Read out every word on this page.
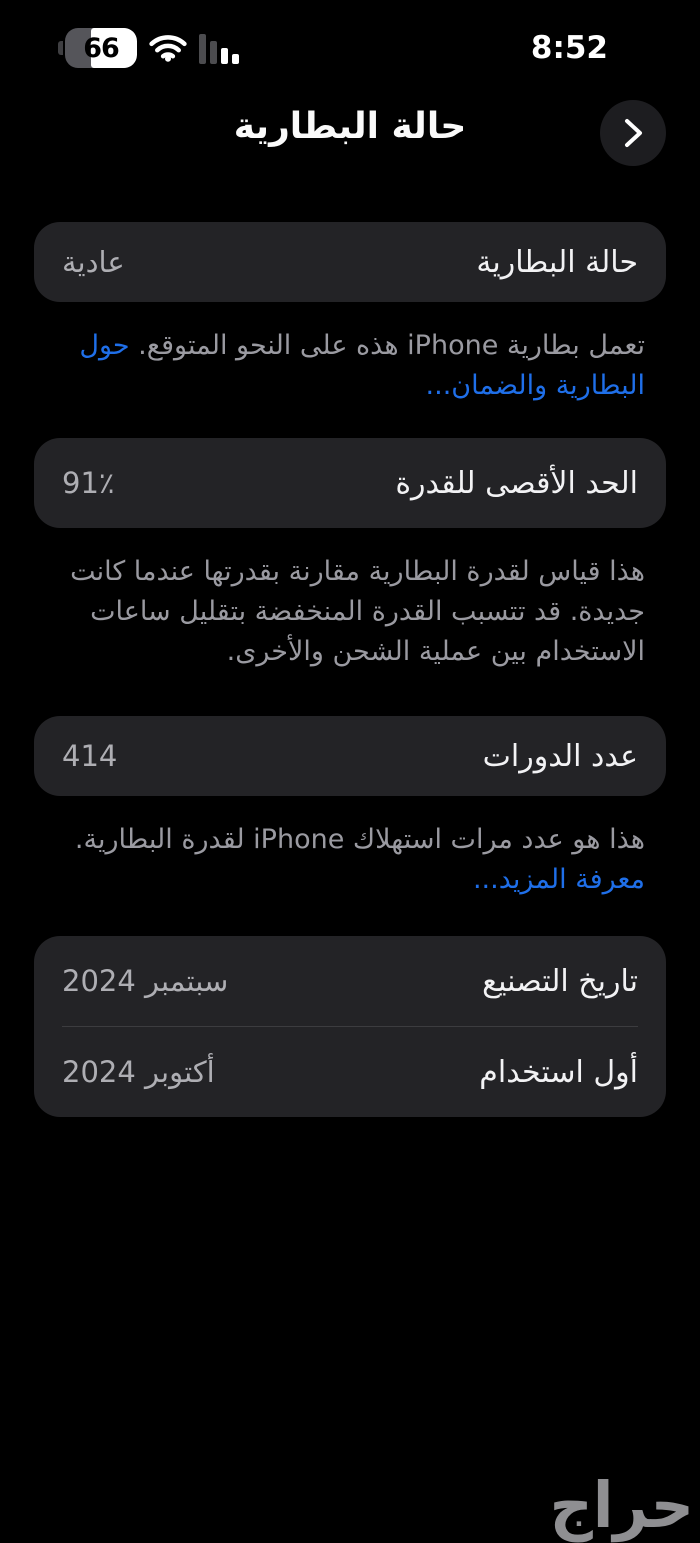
66	8:52
حالة البطارية
حالة البطارية
عادية
تعمل بطارية iPhone هذه على النحو المتوقع. حول البطارية والضمان...
الحد الأقصى للقدرة
91٪
هذا قياس لقدرة البطارية مقارنة بقدرتها عندما كانت جديدة. قد تتسبب القدرة المنخفضة بتقليل ساعات الاستخدام بين عملية الشحن والأخرى.
عدد الدورات
414
هذا هو عدد مرات استهلاك iPhone لقدرة البطارية. معرفة المزيد...
تاريخ التصنيع
سبتمبر 2024
أول استخدام
أكتوبر 2024
حراج
